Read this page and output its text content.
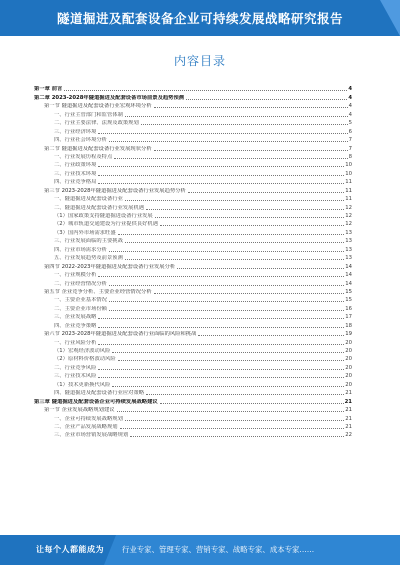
隧道掘进及配套设备企业可持续发展战略研究报告
内容目录
第一章 前言	4
第二章 2023-2028年隧道掘进及配套设备市场前景及趋势预测	4
第一节 隧道掘进及配套设备行业宏观环境分析	4
一、行业主管部门和监管体制	4
二、行业主要法律、法规及政策规划	5
三、行业经济环境	6
四、行业社会环境分析	7
第二节 隧道掘进及配套设备行业发展现状分析	7
一、行业发展历程及特点	8
二、行业政策环境	10
三、行业技术环境	10
四、行业竞争格局	11
第三节 2023-2028年隧道掘进及配套设备行业发展趋势分析	11
一、隧道掘进及配套设备行业	11
二、隧道掘进及配套设备行业发展机遇	12
（1）国家政策支持隧道掘进设备行业发展	12
（2）城市轨道交通建设为行业提供良好机遇	12
（3）国内外市场需求旺盛	13
三、行业发展面临的主要挑战	13
四、行业市场需求分析	13
五、行业发展趋势及前景预测	13
第四节 2022-2023年隧道掘进及配套设备行业发展分析	14
一、行业规模分析	14
二、行业经营情况分析	14
第五节 企业竞争分析、主要企业经营情况分析	15
一、主要企业基本情况	15
二、主要企业市场份额	16
三、企业发展战略	17
四、企业竞争策略	18
第六节 2023-2028年隧道掘进及配套设备行业面临的风险和挑战	19
一、行业风险分析	20
（1）宏观经济波动风险	20
（2）原材料价格波动风险	20
二、行业竞争风险	20
三、行业技术风险	20
（1）技术更新换代风险	20
四、隧道掘进及配套设备行业应对策略	21
第三章 隧道掘进及配套设备企业可持续发展战略建议	21
第一节 企业发展战略规划建议	21
一、企业可持续发展战略规划	21
二、企业产品发展战略规划	21
三、企业市场营销发展战略规划	22
让每个人都能成为 行业专家、管理专家、营销专家、战略专家、成本专家……
